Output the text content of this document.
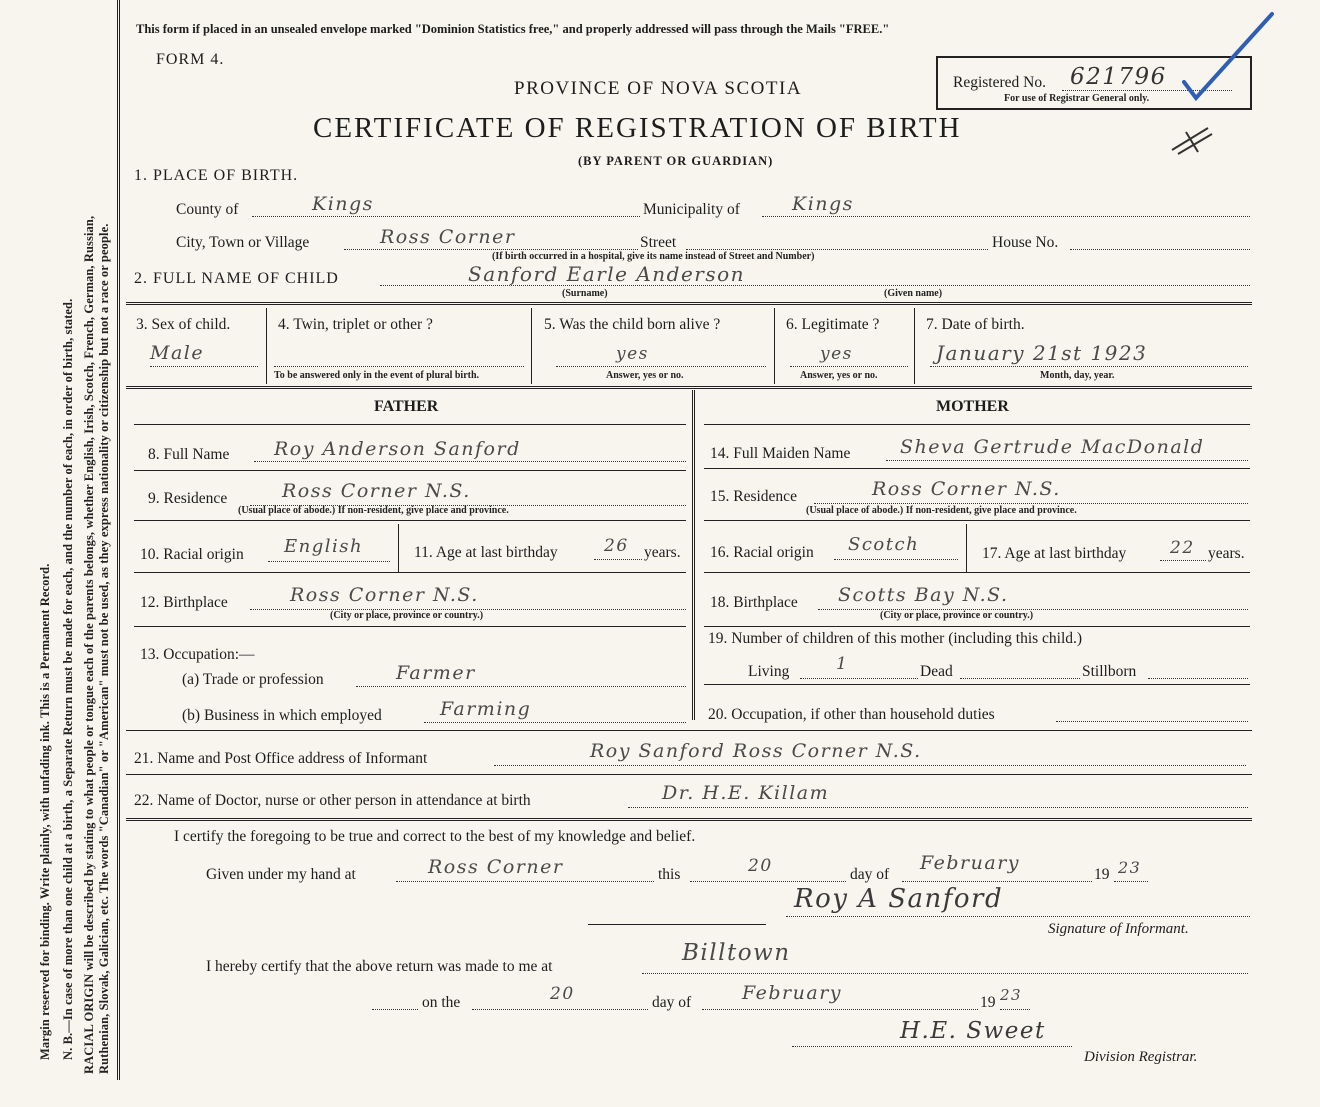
Margin reserved for binding. Write plainly, with unfading ink. This is a Permanent Record. N. B.—In case of more than one child at a birth, a Separate Return must be made for each, and the number of each, in order of birth, stated. RACIAL ORIGIN will be described by stating to what people or tongue each of the parents belongs, whether English, Irish, Scotch, French, German, Russian, Ruthenian, Slovak, Galician, etc. The words "Canadian" or "American" must not be used, as they express nationality or citizenship but not a race or people.
This form if placed in an unsealed envelope marked "Dominion Statistics free," and properly addressed will pass through the Mails "FREE."
FORM 4.
PROVINCE OF NOVA SCOTIA
CERTIFICATE OF REGISTRATION OF BIRTH
(BY PARENT OR GUARDIAN)
Registered No. 621796
For use of Registrar General only.
1. PLACE OF BIRTH.
County of	Kings	Municipality of	Kings
City, Town or Village	Ross Corner	Street	House No.
(If birth occurred in a hospital, give its name instead of Street and Number)
2. FULL NAME OF CHILD	Sanford Earle Anderson
(Surname)	(Given name)
3. Sex of child.
Male
4. Twin, triplet or other ?
To be answered only in the event of plural birth.
5. Was the child born alive ?
yes
Answer, yes or no.
6. Legitimate ?
yes
Answer, yes or no.
7. Date of birth.
January 21st 1923
Month, day, year.
FATHER	MOTHER
8. Full Name Roy Anderson Sanford	14. Full Maiden Name	Sheva Gertrude MacDonald
9. Residence	Ross Corner N.S.
(Usual place of abode.) If non-resident, give place and province.
15. Residence	Ross Corner N.S.
(Usual place of abode.) If non-resident, give place and province.
10. Racial origin English	11. Age at last birthday	26 years. 16. Racial origin Scotch	17. Age at last birthday	22 years.
12. Birthplace	Ross Corner N.S.
(City or place, province or country.)
18. Birthplace Scotts Bay N.S.
(City or place, province or country.)
13. Occupation:—
(a) Trade or profession	Farmer
(b) Business in which employed	Farming
19. Number of children of this mother (including this child.)
Living	1	Dead	Stillborn
20. Occupation, if other than household duties
21. Name and Post Office address of Informant	Roy Sanford Ross Corner N.S.
22. Name of Doctor, nurse or other person in attendance at birth	Dr. H.E. Killam
I certify the foregoing to be true and correct to the best of my knowledge and belief.
Given under my hand at	Ross Corner	this	20	day of
February
19 23
Roy A Sanford
Signature of Informant.
I hereby certify that the above return was made to me at
Billtown
on the	20	day of	February	19 23
H.E. Sweet
Division Registrar.
